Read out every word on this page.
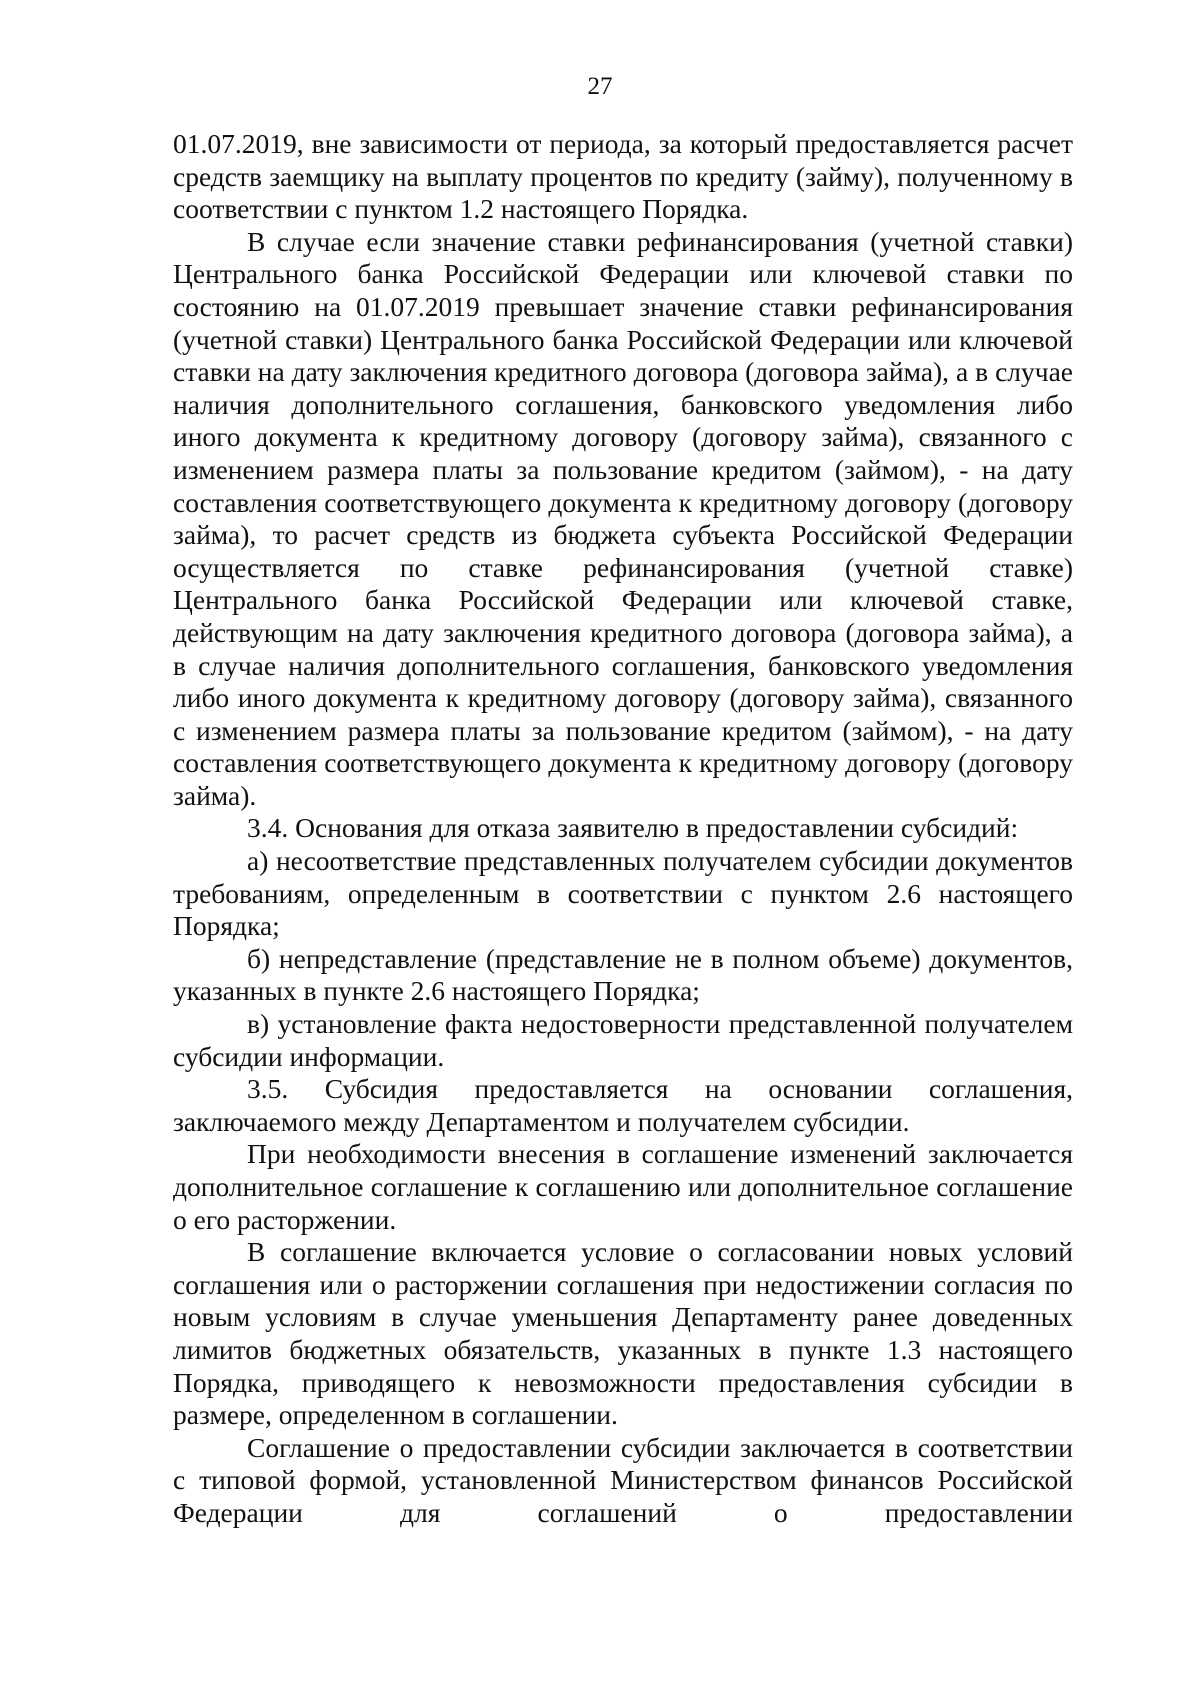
27

01.07.2019, вне зависимости от периода, за который предоставляется расчет средств заемщику на выплату процентов по кредиту (займу), полученному в соответствии с пунктом 1.2 настоящего Порядка.

В случае если значение ставки рефинансирования (учетной ставки) Центрального банка Российской Федерации или ключевой ставки по состоянию на 01.07.2019 превышает значение ставки рефинансирования (учетной ставки) Центрального банка Российской Федерации или ключевой ставки на дату заключения кредитного договора (договора займа), а в случае наличия дополнительного соглашения, банковского уведомления либо иного документа к кредитному договору (договору займа), связанного с изменением размера платы за пользование кредитом (займом), - на дату составления соответствующего документа к кредитному договору (договору займа), то расчет средств из бюджета субъекта Российской Федерации осуществляется по ставке рефинансирования (учетной ставке) Центрального банка Российской Федерации или ключевой ставке, действующим на дату заключения кредитного договора (договора займа), а в случае наличия дополнительного соглашения, банковского уведомления либо иного документа к кредитному договору (договору займа), связанного с изменением размера платы за пользование кредитом (займом), - на дату составления соответствующего документа к кредитному договору (договору займа).

3.4. Основания для отказа заявителю в предоставлении субсидий:

а) несоответствие представленных получателем субсидии документов требованиям, определенным в соответствии с пунктом 2.6 настоящего Порядка;

б) непредставление (представление не в полном объеме) документов, указанных в пункте 2.6 настоящего Порядка;

в) установление факта недостоверности представленной получателем субсидии информации.

3.5. Субсидия предоставляется на основании соглашения, заключаемого между Департаментом и получателем субсидии.

При необходимости внесения в соглашение изменений заключается дополнительное соглашение к соглашению или дополнительное соглашение о его расторжении.

В соглашение включается условие о согласовании новых условий соглашения или о расторжении соглашения при недостижении согласия по новым условиям в случае уменьшения Департаменту ранее доведенных лимитов бюджетных обязательств, указанных в пункте 1.3 настоящего Порядка, приводящего к невозможности предоставления субсидии в размере, определенном в соглашении.

Соглашение о предоставлении субсидии заключается в соответствии с типовой формой, установленной Министерством финансов Российской Федерации для соглашений о предоставлении
